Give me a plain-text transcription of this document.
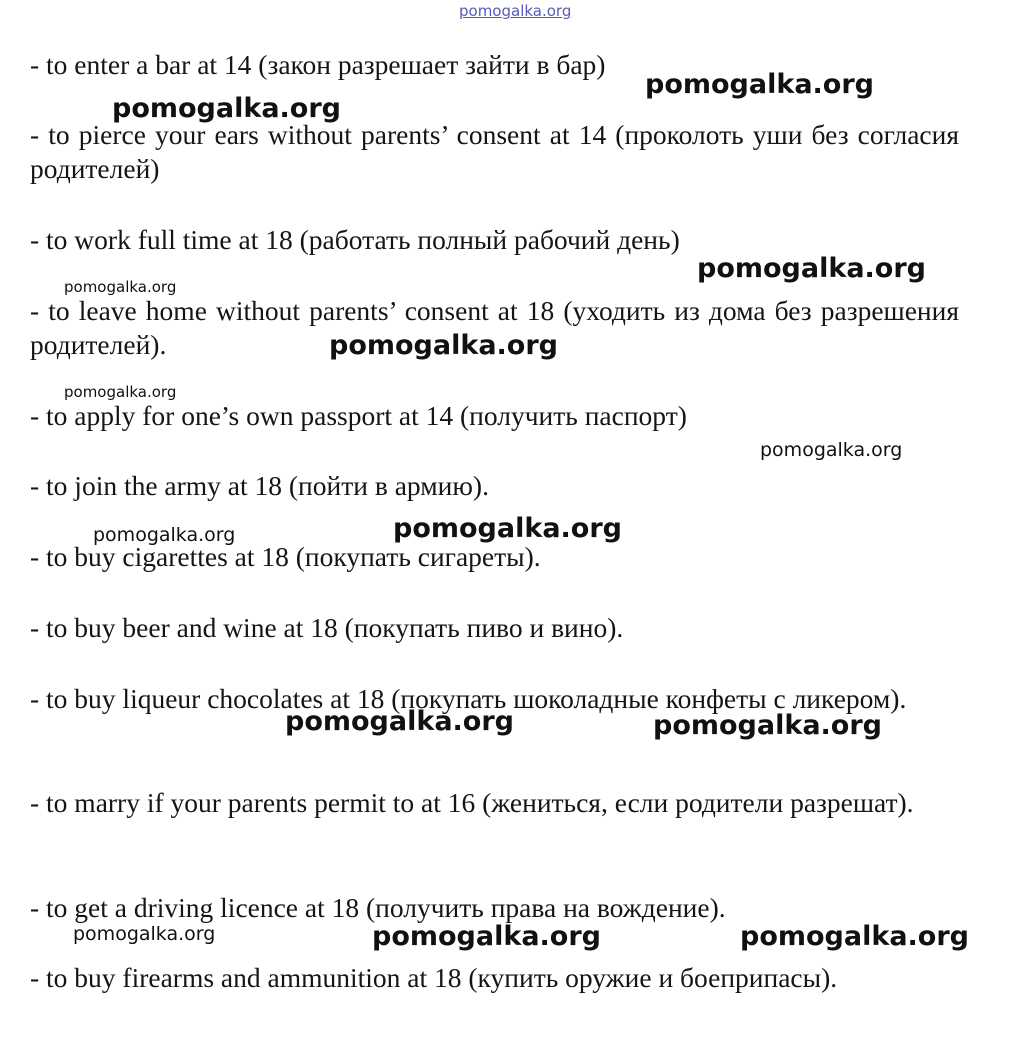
pomogalka.org
- to enter a bar at 14 (закон разрешает зайти в бар)
- to pierce your ears without parents’ consent at 14 (проколоть уши без согласия родителей)
- to work full time at 18 (работать полный рабочий день)
- to leave home without parents’ consent at 18 (уходить из дома без разрешения родителей).
- to apply for one’s own passport at 14 (получить паспорт)
- to join the army at 18 (пойти в армию).
- to buy cigarettes at 18 (покупать сигареты).
- to buy beer and wine at 18 (покупать пиво и вино).
- to buy liqueur chocolates at 18 (покупать шоколадные конфеты с ликером).
- to marry if your parents permit to at 16 (жениться, если родители разрешат).
- to get a driving licence at 18 (получить права на вождение).
- to buy firearms and ammunition at 18 (купить оружие и боеприпасы).
pomogalka.org
pomogalka.org
pomogalka.org
pomogalka.org
pomogalka.org
pomogalka.org
pomogalka.org
pomogalka.org	pomogalka.org
pomogalka.org	pomogalka.org
pomogalka.org	pomogalka.org	pomogalka.org
